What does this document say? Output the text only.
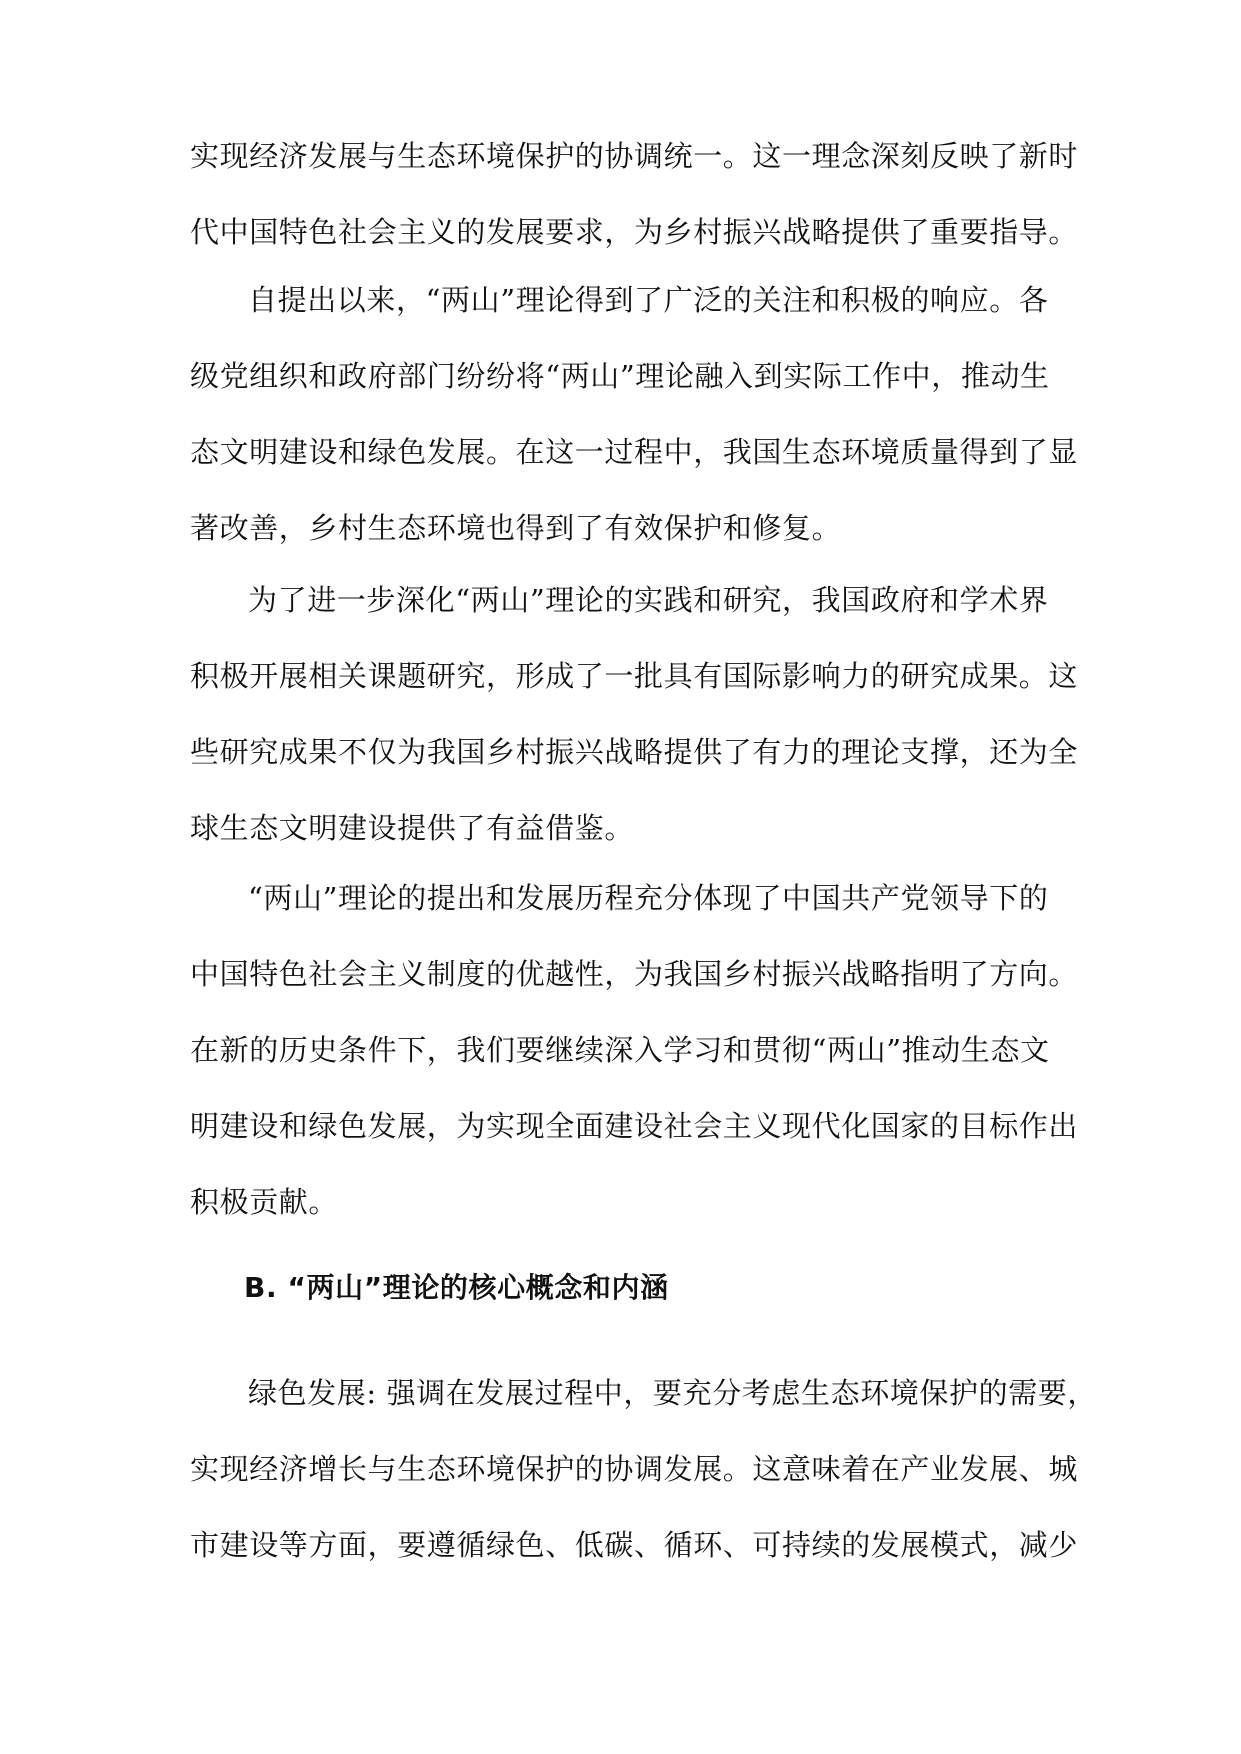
实现经济发展与生态环境保护的协调统一。这一理念深刻反映了新时
代中国特色社会主义的发展要求，为乡村振兴战略提供了重要指导。
自提出以来，“两山”理论得到了广泛的关注和积极的响应。各
级党组织和政府部门纷纷将“两山”理论融入到实际工作中，推动生
态文明建设和绿色发展。在这一过程中，我国生态环境质量得到了显
著改善，乡村生态环境也得到了有效保护和修复。
为了进一步深化“两山”理论的实践和研究，我国政府和学术界
积极开展相关课题研究，形成了一批具有国际影响力的研究成果。这
些研究成果不仅为我国乡村振兴战略提供了有力的理论支撑，还为全
球生态文明建设提供了有益借鉴。
“两山”理论的提出和发展历程充分体现了中国共产党领导下的
中国特色社会主义制度的优越性，为我国乡村振兴战略指明了方向。
在新的历史条件下，我们要继续深入学习和贯彻“两山”推动生态文
明建设和绿色发展，为实现全面建设社会主义现代化国家的目标作出
积极贡献。
B. “两山”理论的核心概念和内涵
绿色发展: 强调在发展过程中，要充分考虑生态环境保护的需要，
实现经济增长与生态环境保护的协调发展。这意味着在产业发展、城
市建设等方面，要遵循绿色、低碳、循环、可持续的发展模式，减少
